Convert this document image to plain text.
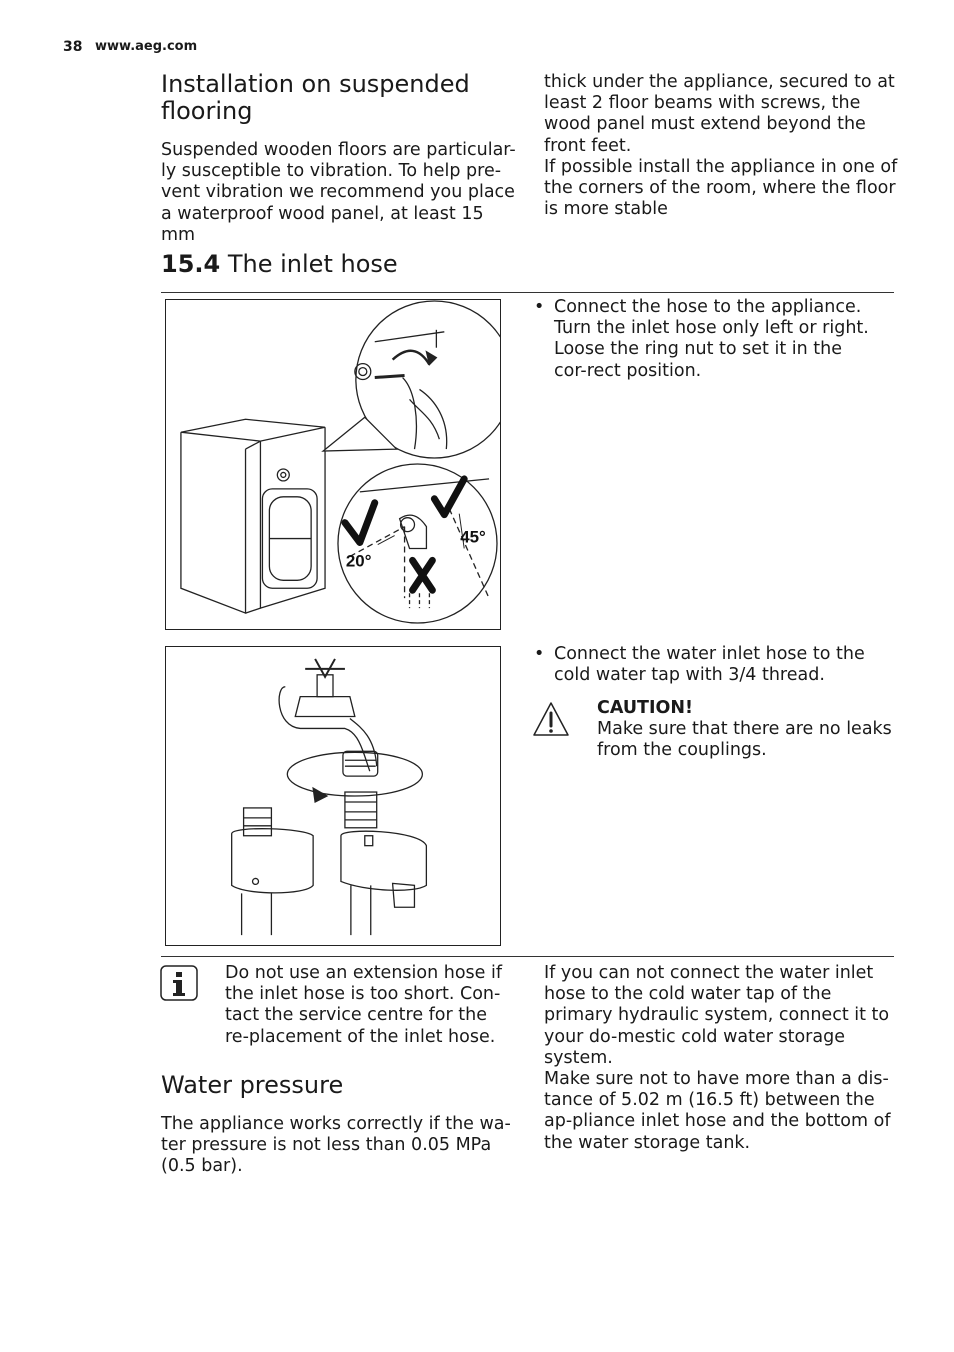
38 www.aeg.com
Installation on suspended flooring
Suspended wooden floors are particular-ly susceptible to vibration. To help pre-vent vibration we recommend you place a waterproof wood panel, at least 15 mm

thick under the appliance, secured to at least 2 floor beams with screws, the wood panel must extend beyond the front feet.

If possible install the appliance in one of the corners of the room, where the floor is more stable

15.4 The inlet hose
20°
45°
• Connect the hose to the appliance. Turn the inlet hose only left or right. Loose the ring nut to set it in the cor-rect position.
• Connect the water inlet hose to the cold water tap with 3/4 thread.

CAUTION!

Make sure that there are no leaks from the couplings.

Do not use an extension hose if the inlet hose is too short. Con-tact the service centre for the re-placement of the inlet hose.

If you can not connect the water inlet hose to the cold water tap of the primary hydraulic system, connect it to your do-mestic cold water storage system.

Make sure not to have more than a dis-tance of 5.02 m (16.5 ft) between the ap-pliance inlet hose and the bottom of the water storage tank.

Water pressure
The appliance works correctly if the wa-ter pressure is not less than 0.05 MPa (0.5 bar).
